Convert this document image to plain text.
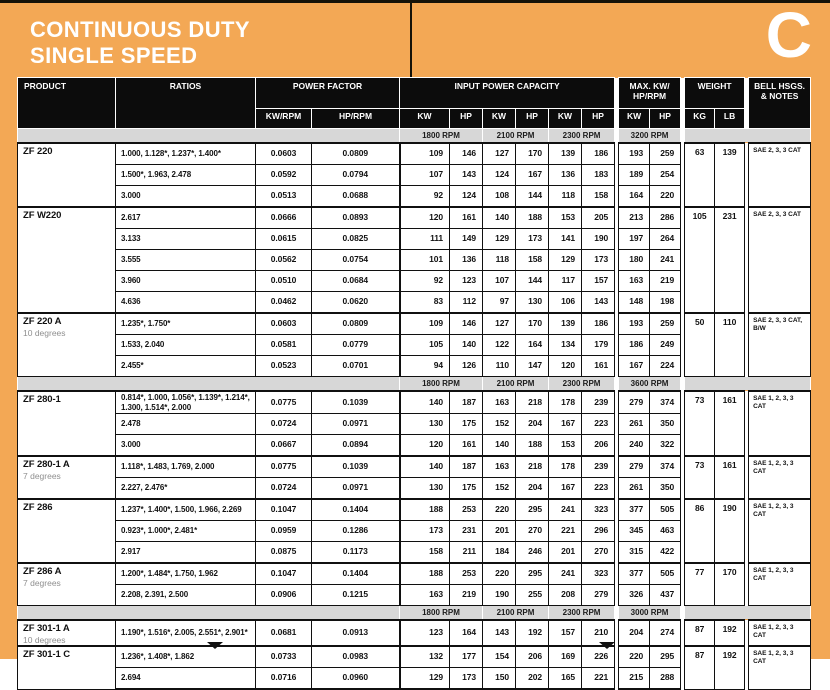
CONTINUOUS DUTY
SINGLE SPEED	C
PRODUCT	RATIOS	POWER FACTOR		INPUT POWER CAPACITY							MAX. KW/ HP/RPM			WEIGHT			BELL HSGS. & NOTES
		KW/RPM	HP/RPM	KW	HP	KW	HP	KW	HP		KW	HP		KG	LB		
				1800 RPM		2100 RPM		2300 RPM			3200 RPM						

ZF 220	1.000, 1.128*, 1.237*, 1.400*	0.0603	0.0809	109	146	127	170	139	186		193	259		63	139		SAE 2, 3, 3 CAT
	1.500*, 1.963, 2.478	0.0592	0.0794	107	143	124	167	136	183		189	254					
	3.000	0.0513	0.0688	92	124	108	144	118	158		164	220					

ZF W220	2.617	0.0666	0.0893	120	161	140	188	153	205		213	286		105	231		SAE 2, 3, 3 CAT
	3.133	0.0615	0.0825	111	149	129	173	141	190		197	264					
	3.555	0.0562	0.0754	101	136	118	158	129	173		180	241					
	3.960	0.0510	0.0684	92	123	107	144	117	157		163	219					
	4.636	0.0462	0.0620	83	112	97	130	106	143		148	198					

ZF 220 A
10 degrees	1.235*, 1.750*	0.0603	0.0809	109	146	127	170	139	186		193	259		50	110		SAE 2, 3, 3 CAT, B/W
	1.533, 2.040	0.0581	0.0779	105	140	122	164	134	179		186	249					
	2.455*	0.0523	0.0701	94	126	110	147	120	161		167	224					
				1800 RPM		2100 RPM		2300 RPM			3600 RPM						

ZF 280-1	0.814*, 1.000, 1.056*, 1.139*, 1.214*, 1.300, 1.514*, 2.000	0.0775	0.1039	140	187	163	218	178	239		279	374		73	161		SAE 1, 2, 3, 3 CAT
	2.478	0.0724	0.0971	130	175	152	204	167	223		261	350					
	3.000	0.0667	0.0894	120	161	140	188	153	206		240	322					

ZF 280-1 A
7 degrees	1.118*, 1.483, 1.769, 2.000	0.0775	0.1039	140	187	163	218	178	239		279	374		73	161		SAE 1, 2, 3, 3 CAT
	2.227, 2.476*	0.0724	0.0971	130	175	152	204	167	223		261	350					

ZF 286	1.237*, 1.400*, 1.500, 1.966, 2.269	0.1047	0.1404	188	253	220	295	241	323		377	505		86	190		SAE 1, 2, 3, 3 CAT
	0.923*, 1.000*, 2.481*	0.0959	0.1286	173	231	201	270	221	296		345	463					
	2.917	0.0875	0.1173	158	211	184	246	201	270		315	422					

ZF 286 A
7 degrees	1.200*, 1.484*, 1.750, 1.962	0.1047	0.1404	188	253	220	295	241	323		377	505		77	170		SAE 1, 2, 3, 3 CAT
	2.208, 2.391, 2.500	0.0906	0.1215	163	219	190	255	208	279		326	437					
				1800 RPM		2100 RPM		2300 RPM			3000 RPM						

ZF 301-1 A
10 degrees	1.190*, 1.516*, 2.005, 2.551*, 2.901*	0.0681	0.0913	123	164	143	192	157	210		204	274		87	192		SAE 1, 2, 3, 3 CAT

ZF 301-1 C	1.236*, 1.408*, 1.862	0.0733	0.0983	132	177	154	206	169	226		220	295		87	192		SAE 1, 2, 3, 3 CAT
	2.694	0.0716	0.0960	129	173	150	202	165	221		215	288					
